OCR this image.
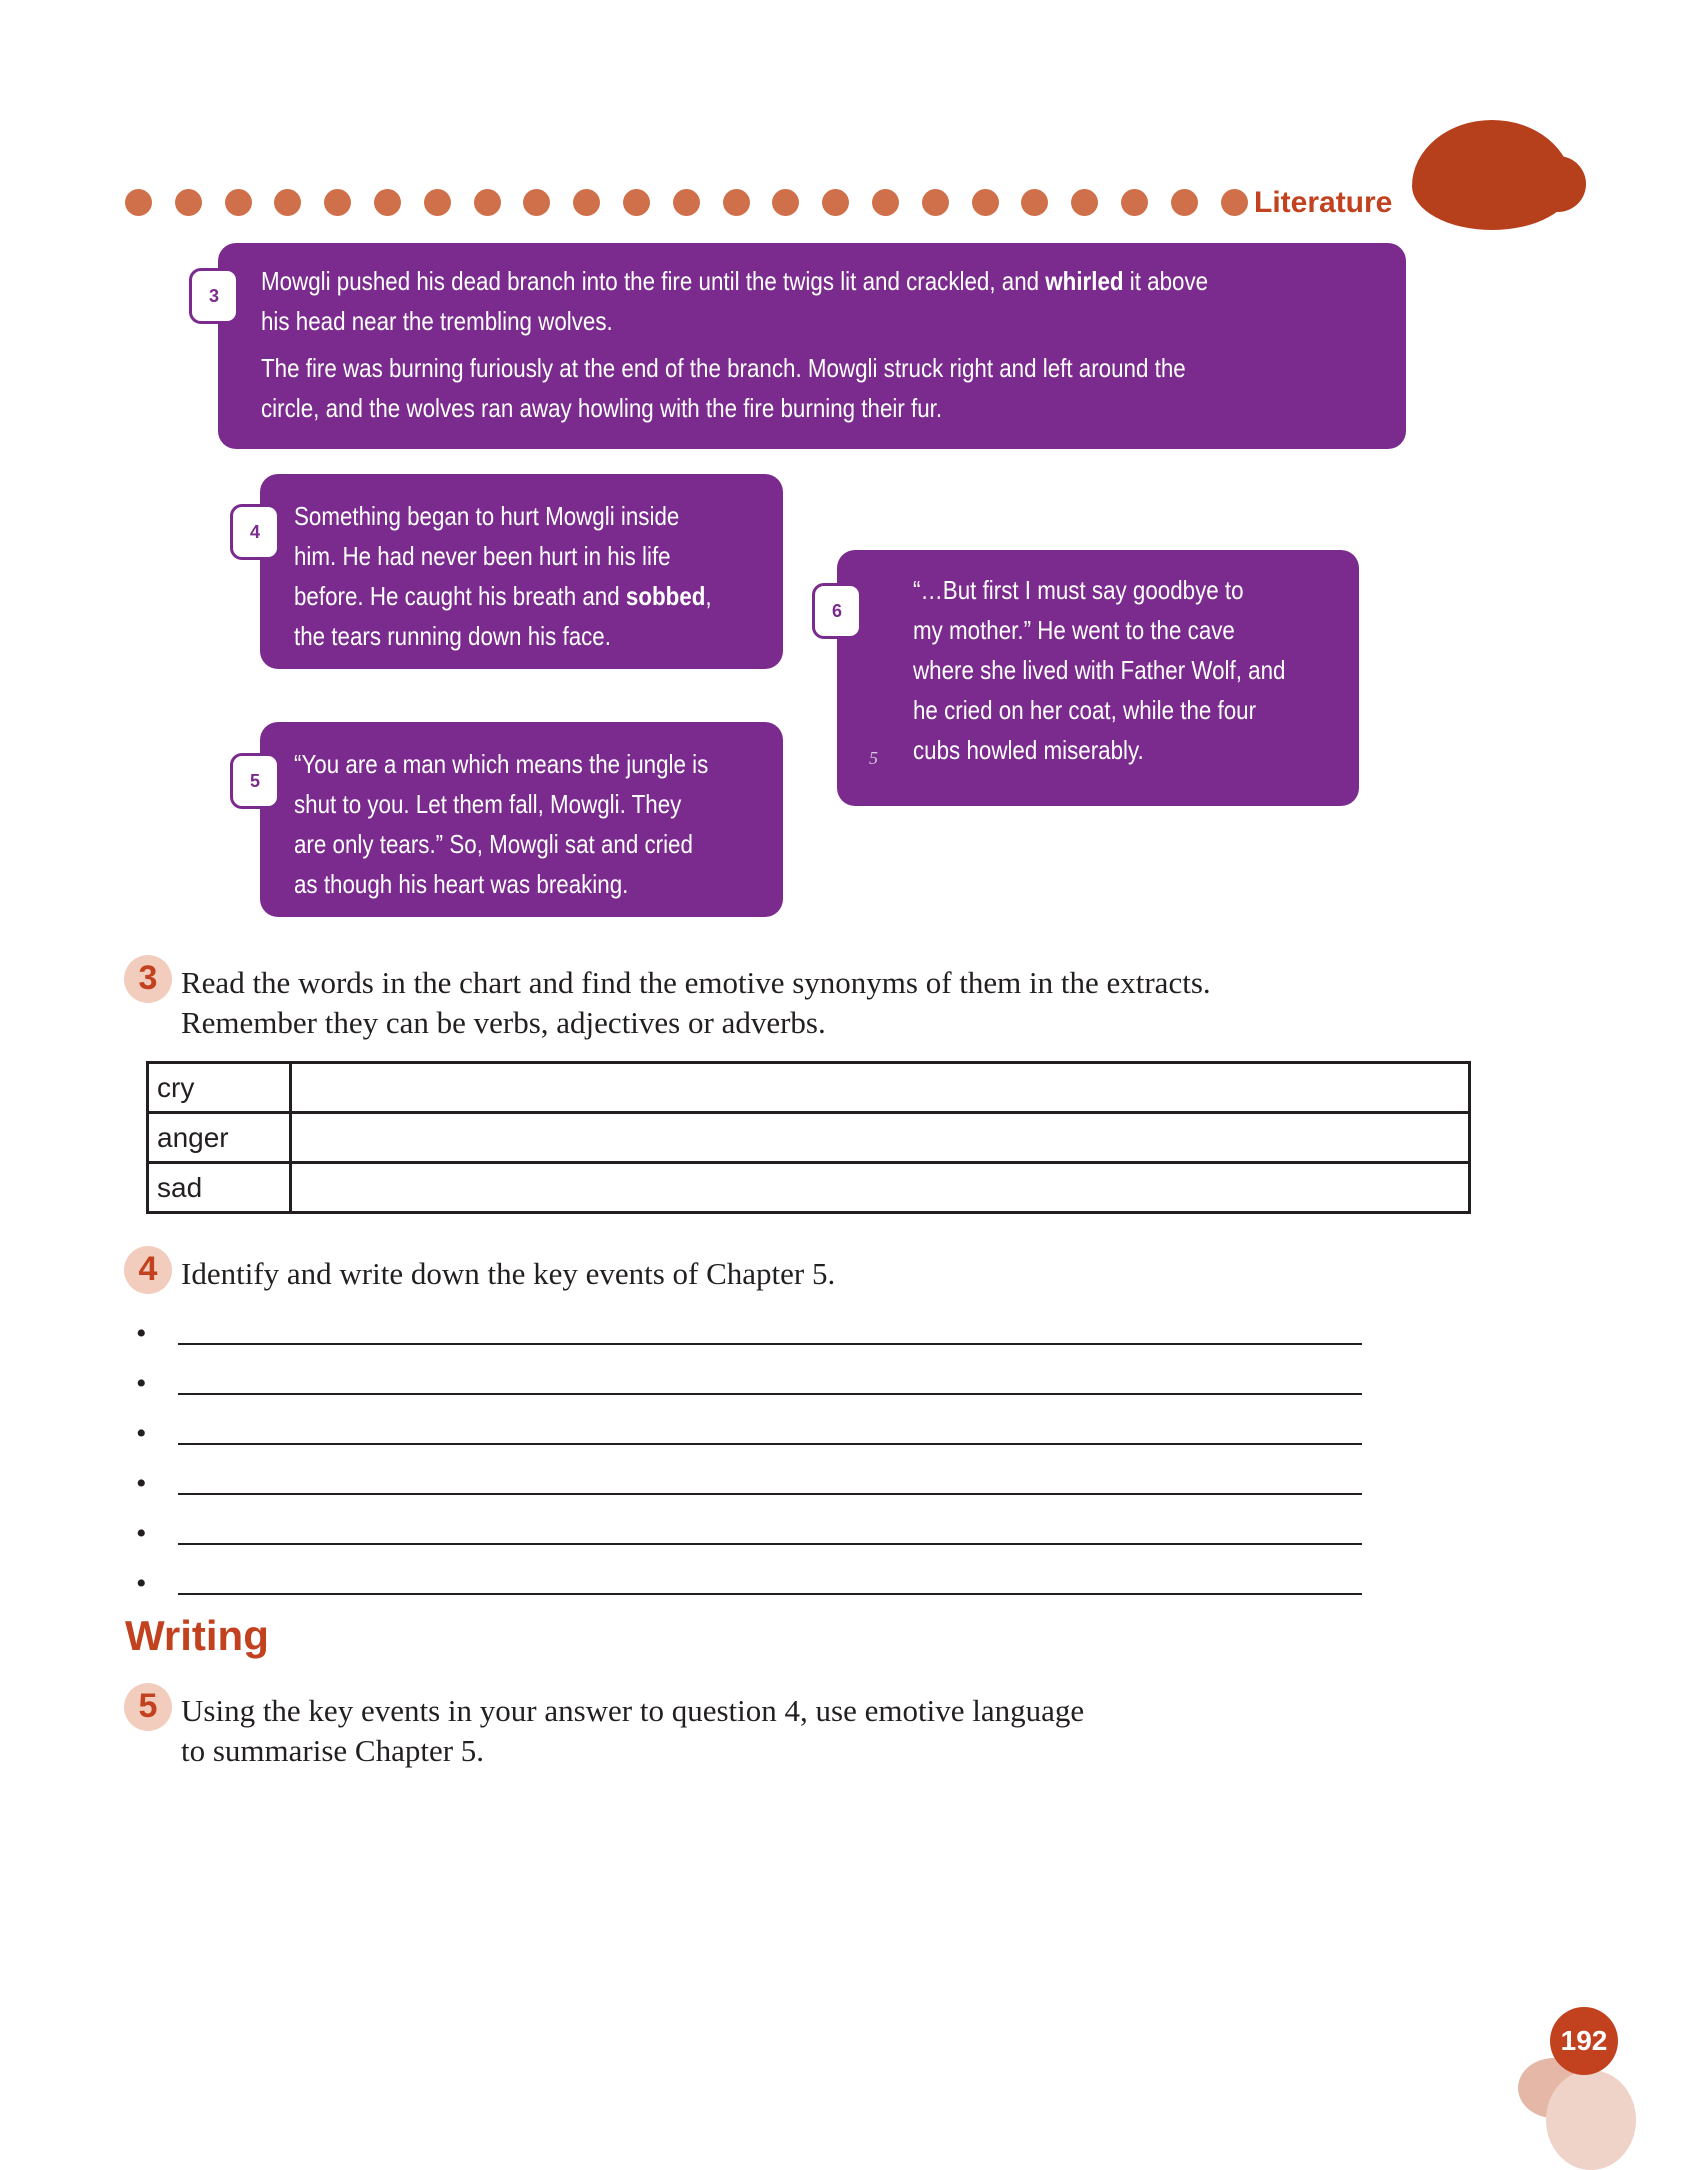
Literature

Mowgli pushed his dead branch into the fire until the twigs lit and crackled, and whirled it above

his head near the trembling wolves.

The fire was burning furiously at the end of the branch. Mowgli struck right and left around the

circle, and the wolves ran away howling with the fire burning their fur.

3

Something began to hurt Mowgli inside

him. He had never been hurt in his life

before. He caught his breath and sobbed,

the tears running down his face.

4

“You are a man which means the jungle is

shut to you. Let them fall, Mowgli. They

are only tears.” So, Mowgli sat and cried

as though his heart was breaking.

5

“…But first I must say goodbye to

my mother.” He went to the cave

where she lived with Father Wolf, and

he cried on her coat, while the four

cubs howled miserably.

5
6
3 Read the words in the chart and find the emotive synonyms of them in the extracts.
Remember they can be verbs, adjectives or adverbs.
cry	
anger	
sad	
4 Identify and write down the key events of Chapter 5.
•
•
•
•
•
•
Writing
5 Using the key events in your answer to question 4, use emotive language
to summarise Chapter 5.
192
